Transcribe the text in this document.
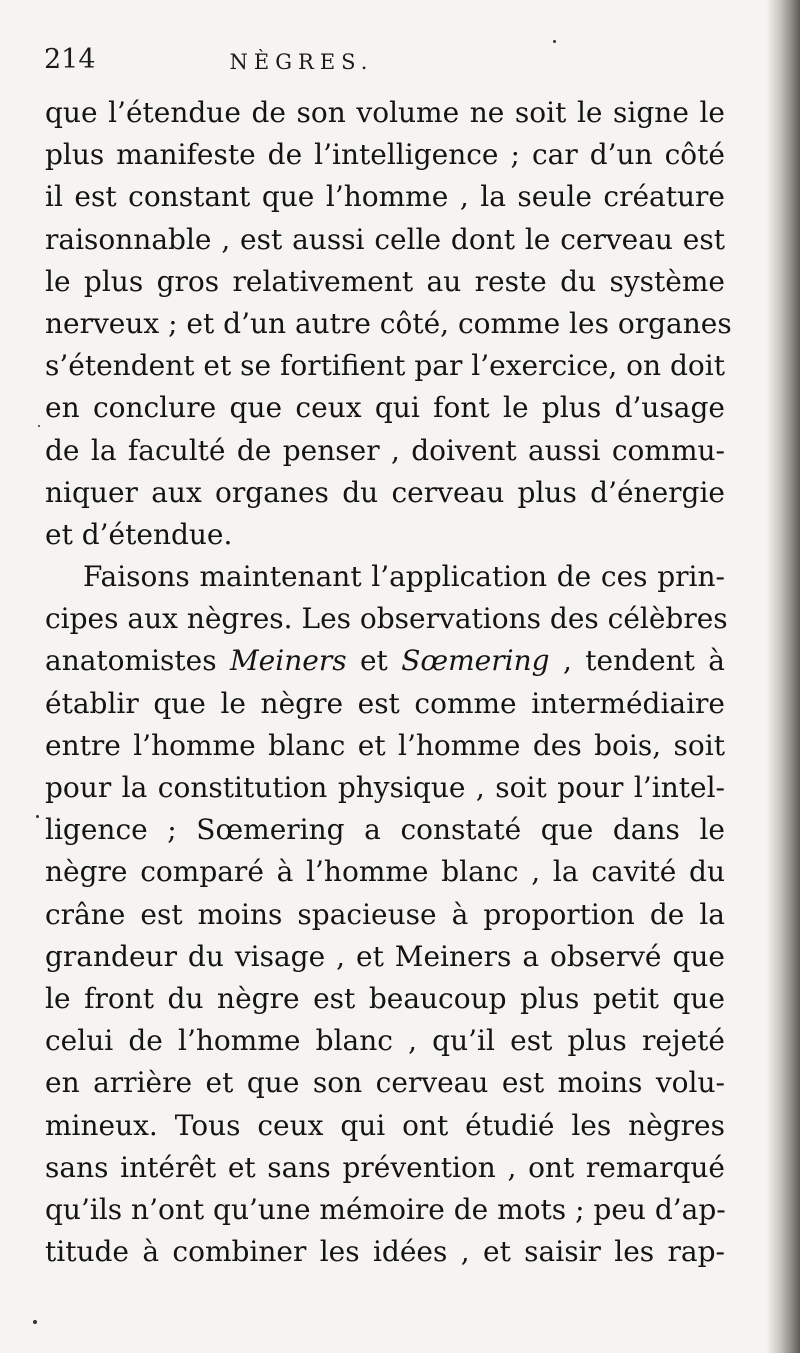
214	NÈGRES.
que l’étendue de son volume ne soit le signe le
plus manifeste de l’intelligence ; car d’un côté
il est constant que l’homme , la seule créature
raisonnable , est aussi celle dont le cerveau est
le plus gros relativement au reste du système
nerveux ; et d’un autre côté, comme les organes
s’étendent et se fortifient par l’exercice, on doit
en conclure que ceux qui font le plus d’usage
de la faculté de penser , doivent aussi commu-
niquer aux organes du cerveau plus d’énergie
et d’étendue.
Faisons maintenant l’application de ces prin-
cipes aux nègres. Les observations des célèbres
anatomistes Meiners et Sœmering , tendent à
établir que le nègre est comme intermédiaire
entre l’homme blanc et l’homme des bois, soit
pour la constitution physique , soit pour l’intel-
ligence ; Sœmering a constaté que dans le
nègre comparé à l’homme blanc , la cavité du
crâne est moins spacieuse à proportion de la
grandeur du visage , et Meiners a observé que
le front du nègre est beaucoup plus petit que
celui de l’homme blanc , qu’il est plus rejeté
en arrière et que son cerveau est moins volu-
mineux. Tous ceux qui ont étudié les nègres
sans intérêt et sans prévention , ont remarqué
qu’ils n’ont qu’une mémoire de mots ; peu d’ap-
titude à combiner les idées , et saisir les rap-
